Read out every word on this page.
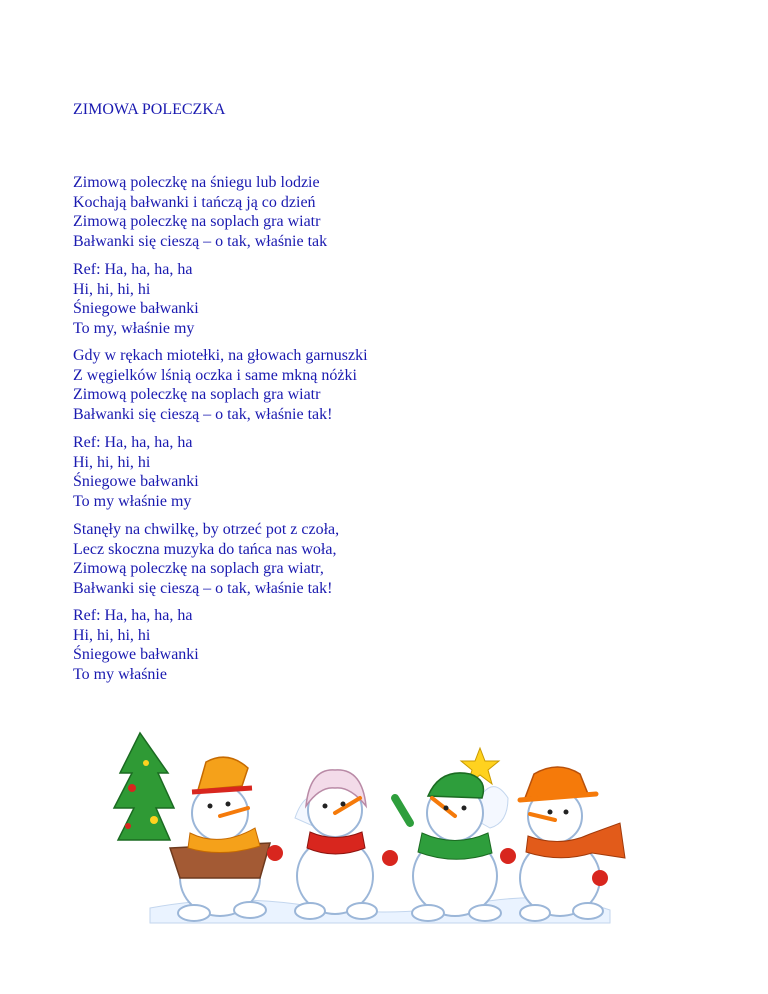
ZIMOWA POLECZKA
Zimową poleczkę na śniegu lub lodzie
Kochają bałwanki i tańczą ją co dzień
Zimową poleczkę na soplach gra wiatr
Bałwanki się cieszą – o tak, właśnie tak
Ref: Ha, ha, ha, ha
Hi, hi, hi, hi
Śniegowe bałwanki
To my, właśnie my
Gdy w rękach miotełki, na głowach garnuszki
Z węgielków lśnią oczka i same mkną nóżki
Zimową poleczkę na soplach gra wiatr
Bałwanki się cieszą – o tak, właśnie tak!
Ref: Ha, ha, ha, ha
Hi, hi, hi, hi
Śniegowe bałwanki
To my właśnie my
Stanęły na chwilkę, by otrzeć pot z czoła,
Lecz skoczna muzyka do tańca nas woła,
Zimową poleczkę na soplach gra wiatr,
Bałwanki się cieszą – o tak, właśnie tak!
Ref: Ha, ha, ha, ha
Hi, hi, hi, hi
Śniegowe bałwanki
To my właśnie
